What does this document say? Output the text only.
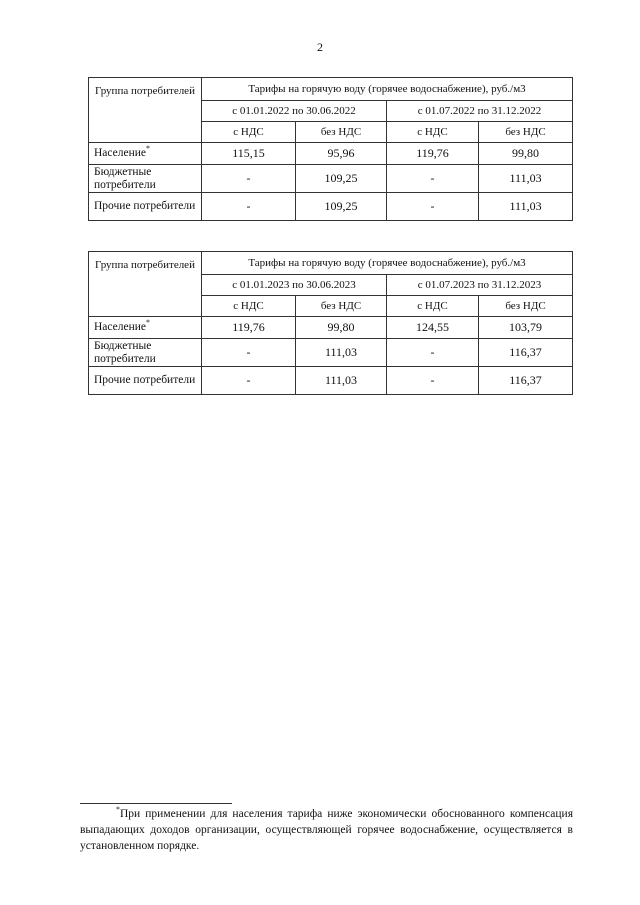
2
Группа потребителей	Тарифы на горячую воду (горячее водоснабжение), руб./м3			
	с 01.01.2022 по 30.06.2022		с 01.07.2022 по 31.12.2022	
	с НДС	без НДС	с НДС	без НДС
Население*	115,15	95,96	119,76	99,80
Бюджетные потребители	-	109,25	-	111,03
Прочие потребители	-	109,25	-	111,03
Группа потребителей	Тарифы на горячую воду (горячее водоснабжение), руб./м3			
	с 01.01.2023 по 30.06.2023		с 01.07.2023 по 31.12.2023	
	с НДС	без НДС	с НДС	без НДС
Население*	119,76	99,80	124,55	103,79
Бюджетные потребители	-	111,03	-	116,37
Прочие потребители	-	111,03	-	116,37
*При применении для населения тарифа ниже экономически обоснованного компенсация выпадающих доходов организации, осуществляющей горячее водоснабжение, осуществляется в установленном порядке.
